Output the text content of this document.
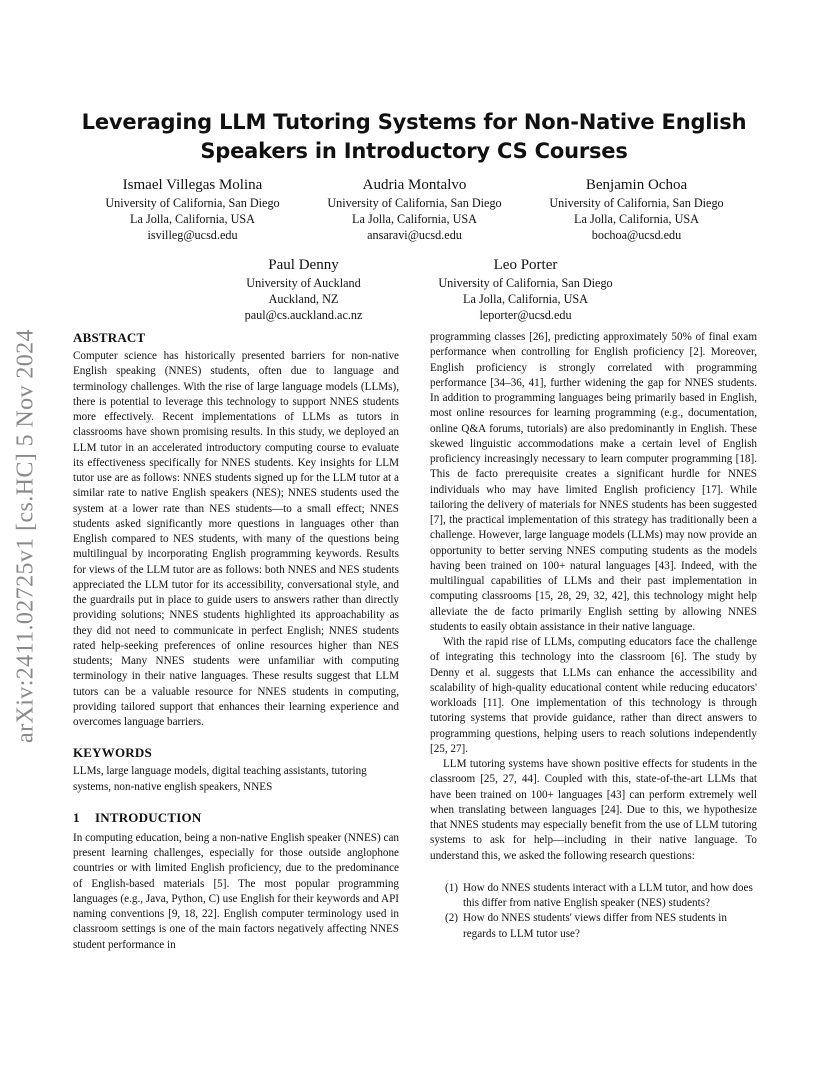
Leveraging LLM Tutoring Systems for Non-Native English Speakers in Introductory CS Courses
Ismael Villegas Molina
University of California, San Diego
La Jolla, California, USA
isvilleg@ucsd.edu
Audria Montalvo
University of California, San Diego
La Jolla, California, USA
ansaravi@ucsd.edu
Benjamin Ochoa
University of California, San Diego
La Jolla, California, USA
bochoa@ucsd.edu
Paul Denny
University of Auckland
Auckland, NZ
paul@cs.auckland.ac.nz
Leo Porter
University of California, San Diego
La Jolla, California, USA
leporter@ucsd.edu
arXiv:2411.02725v1 [cs.HC] 5 Nov 2024	ABSTRACT

Computer science has historically presented barriers for non-native English speaking (NNES) students, often due to language and terminology challenges. With the rise of large language models (LLMs), there is potential to leverage this technology to support NNES students more effectively. Recent implementations of LLMs as tutors in classrooms have shown promising results. In this study, we deployed an LLM tutor in an accelerated introductory computing course to evaluate its effectiveness specifically for NNES students. Key insights for LLM tutor use are as follows: NNES students signed up for the LLM tutor at a similar rate to native English speakers (NES); NNES students used the system at a lower rate than NES students—to a small effect; NNES students asked significantly more questions in languages other than English compared to NES students, with many of the questions being multilingual by incorporating English programming keywords. Results for views of the LLM tutor are as follows: both NNES and NES students appreciated the LLM tutor for its accessibility, conversational style, and the guardrails put in place to guide users to answers rather than directly providing solutions; NNES students highlighted its approachability as they did not need to communicate in perfect English; NNES students rated help-seeking preferences of online resources higher than NES students; Many NNES students were unfamiliar with computing terminology in their native languages. These results suggest that LLM tutors can be a valuable resource for NNES students in computing, providing tailored support that enhances their learning experience and overcomes language barriers.

KEYWORDS

LLMs, large language models, digital teaching assistants, tutoring systems, non-native english speakers, NNES

1 INTRODUCTION

In computing education, being a non-native English speaker (NNES) can present learning challenges, especially for those outside anglophone countries or with limited English proficiency, due to the predominance of English-based materials [5]. The most popular programming languages (e.g., Java, Python, C) use English for their keywords and API naming conventions [9, 18, 22]. English computer terminology used in classroom settings is one of the main factors negatively affecting NNES student performance in

programming classes [26], predicting approximately 50% of final exam performance when controlling for English proficiency [2]. Moreover, English proficiency is strongly correlated with programming performance [34–36, 41], further widening the gap for NNES students. In addition to programming languages being primarily based in English, most online resources for learning programming (e.g., documentation, online Q&A forums, tutorials) are also predominantly in English. These skewed linguistic accommodations make a certain level of English proficiency increasingly necessary to learn computer programming [18]. This de facto prerequisite creates a significant hurdle for NNES individuals who may have limited English proficiency [17]. While tailoring the delivery of materials for NNES students has been suggested [7], the practical implementation of this strategy has traditionally been a challenge. However, large language models (LLMs) may now provide an opportunity to better serving NNES computing students as the models having been trained on 100+ natural languages [43]. Indeed, with the multilingual capabilities of LLMs and their past implementation in computing classrooms [15, 28, 29, 32, 42], this technology might help alleviate the de facto primarily English setting by allowing NNES students to easily obtain assistance in their native language.

With the rapid rise of LLMs, computing educators face the challenge of integrating this technology into the classroom [6]. The study by Denny et al. suggests that LLMs can enhance the accessibility and scalability of high-quality educational content while reducing educators' workloads [11]. One implementation of this technology is through tutoring systems that provide guidance, rather than direct answers to programming questions, helping users to reach solutions independently [25, 27].

LLM tutoring systems have shown positive effects for students in the classroom [25, 27, 44]. Coupled with this, state-of-the-art LLMs that have been trained on 100+ languages [43] can perform extremely well when translating between languages [24]. Due to this, we hypothesize that NNES students may especially benefit from the use of LLM tutoring systems to ask for help—including in their native language. To understand this, we asked the following research questions:

(1) How do NNES students interact with a LLM tutor, and how does this differ from native English speaker (NES) students?
(2) How do NNES students' views differ from NES students in regards to LLM tutor use?
